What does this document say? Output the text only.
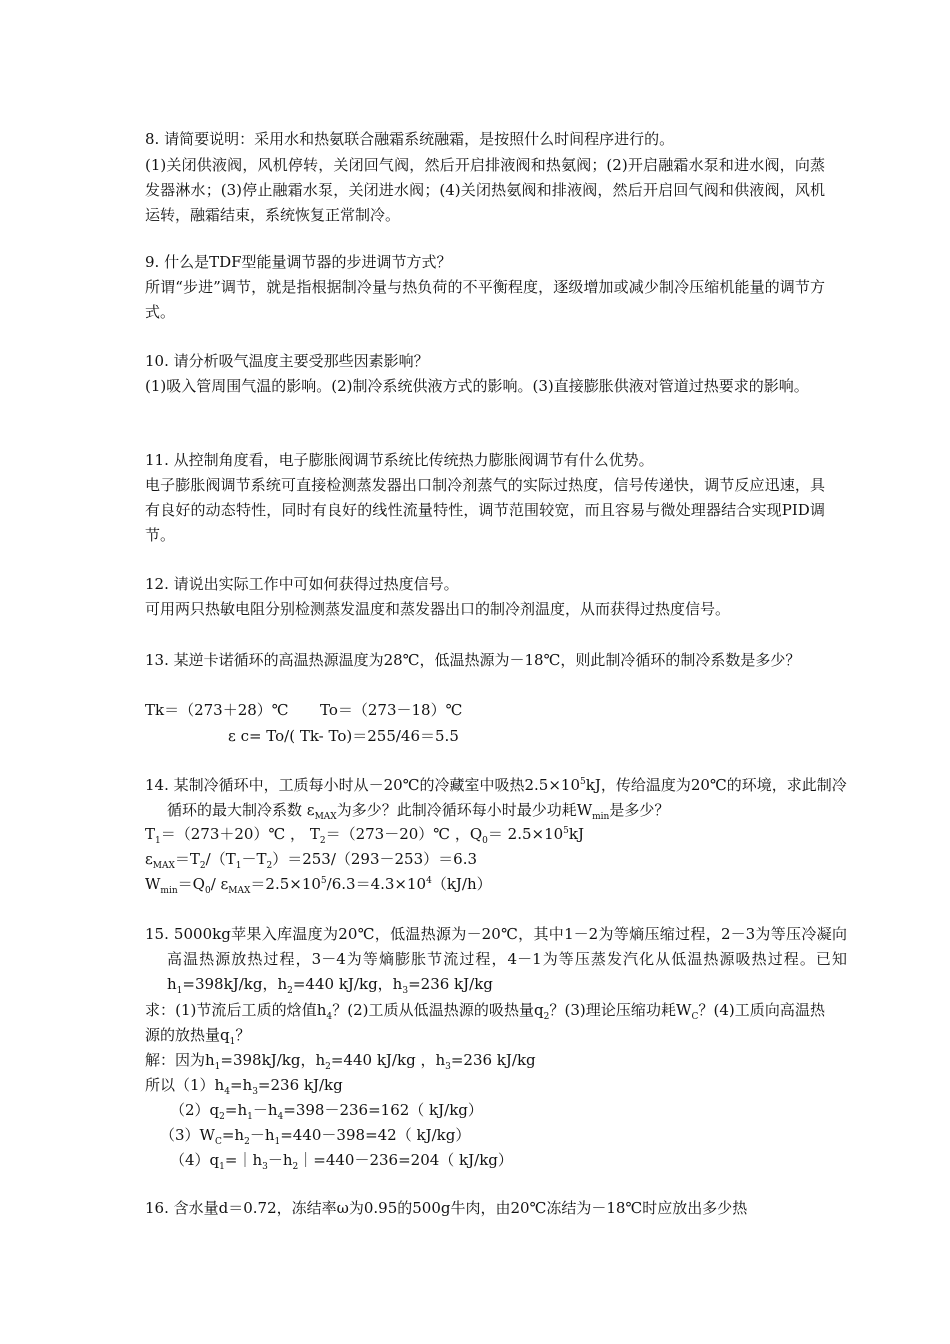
8. 请简要说明：采用水和热氨联合融霜系统融霜，是按照什么时间程序进行的。

(1)关闭供液阀，风机停转，关闭回气阀，然后开启排液阀和热氨阀；(2)开启融霜水泵和进水阀，向蒸发器淋水；(3)停止融霜水泵，关闭进水阀；(4)关闭热氨阀和排液阀，然后开启回气阀和供液阀，风机运转，融霜结束，系统恢复正常制冷。

9. 什么是TDF型能量调节器的步进调节方式？

所谓“步进”调节，就是指根据制冷量与热负荷的不平衡程度，逐级增加或减少制冷压缩机能量的调节方式。

10. 请分析吸气温度主要受那些因素影响？

(1)吸入管周围气温的影响。(2)制冷系统供液方式的影响。(3)直接膨胀供液对管道过热要求的影响。

11. 从控制角度看，电子膨胀阀调节系统比传统热力膨胀阀调节有什么优势。

电子膨胀阀调节系统可直接检测蒸发器出口制冷剂蒸气的实际过热度，信号传递快，调节反应迅速，具有良好的动态特性，同时有良好的线性流量特性，调节范围较宽，而且容易与微处理器结合实现PID调节。

12. 请说出实际工作中可如何获得过热度信号。

可用两只热敏电阻分别检测蒸发温度和蒸发器出口的制冷剂温度，从而获得过热度信号。

13. 某逆卡诺循环的高温热源温度为28℃，低温热源为－18℃，则此制冷循环的制冷系数是多少？

Tk＝（273＋28）℃ To＝（273－18）℃

ε c= To/( Tk- To)＝255/46＝5.5

14. 某制冷循环中，工质每小时从－20℃的冷藏室中吸热$2.5\times 10^5kJ$，传给温度为20℃的环境，求此制冷循环的最大制冷系数 $\varepsilon_{MAX}$为多少？此制冷循环每小时最少功耗$W_{min}$是多少？

$T_1=(273+20)℃$ ， $T_2=(273-20)℃$ ，$Q_0= 2.5\times 10^5kJ$

$\varepsilon_{MAX}=T_2/(T_1-T_2)=253/(293-253)=6.3$

$W_{min}=Q_0/$ $\varepsilon_{MAX}=2.5\times 10^5/6.3=4.3\times 10^4(kJ/h)$

15. 5000kg苹果入库温度为20℃，低温热源为－20℃，其中1－2为等熵压缩过程，2－3为等压冷凝向高温热源放热过程，3－4为等熵膨胀节流过程，4－1为等压蒸发汽化从低温热源吸热过程。已知$h_1=398kJ/kg$，$h_2=440$ kJ/kg，$h_3=236$ kJ/kg

求：(1)节流后工质的焓值$h_4$？(2)工质从低温热源的吸热量$q_2$？(3)理论压缩功耗$W_C$？(4)工质向高温热源的放热量$q_1$？

解：因为$h_1=398kJ/kg$，$h_2=440$ kJ/kg ，$h_3=236$ kJ/kg

所以$(1)h_4=h_3=236$ kJ/kg

$(2)q_2=h_1-h_4=398-236=162$（ kJ/kg）

$(3)W_C=h_2-h_1=440-398=42$（ kJ/kg）

$(4)q_1=|h_3-h_2|=440-236=204$（ kJ/kg）

16. 含水量d＝0.72，冻结率ω为0.95的500g牛肉，由20℃冻结为－18℃时应放出多少热
